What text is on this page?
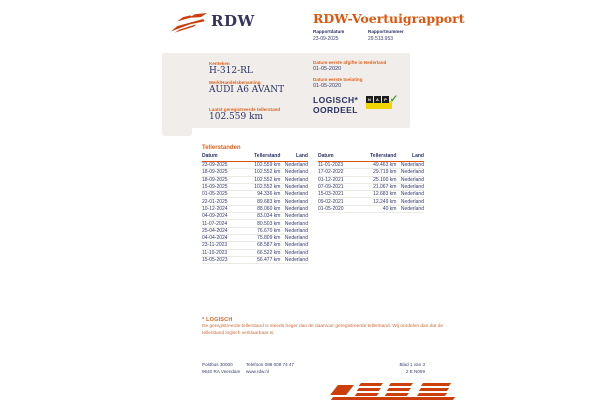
RDW	RDW-Voertuigrapport
Rapportdatum
23-09-2025
Rapportnummer
29.513.953
Kenteken
H-312-RL
Merk/Handelsbenaming
AUDI A6 AVANT
Laatst geregistreerde tellerstand
102.559 km
Datum eerste afgifte in Nederland
01-05-2020
Datum eerste toelating
01-05-2020
LOGISCH*
OORDEEL
N	A	P ✓
Tellerstanden
Datum	Tellerstand	Land
23-09-2025	102.559 km Nederland
18-09-2025	102.552 km Nederland
18-09-2025	102.552 km Nederland
15-09-2025	102.552 km Nederland
01-05-2025	94.336 km Nederland
22-01-2025	89.683 km Nederland
10-12-2024	88.060 km Nederland
04-09-2024	83.034 km Nederland
11-07-2024	80.503 km Nederland
25-04-2024	76.670 km Nederland
04-04-2024	75.809 km Nederland
23-11-2023	68.587 km Nederland
11-10-2023	66.522 km Nederland
15-05-2023	56.477 km Nederland
Datum	Tellerstand	Land
11-01-2023	49.463 km Nederland
17-02-2022	29.719 km Nederland
01-12-2021	25.100 km Nederland
07-09-2021	21.067 km Nederland
15-03-2021	12.683 km Nederland
09-02-2021	12.249 km Nederland
01-05-2020	40 km Nederland
* LOGISCH
De geregistreerde tellerstand is steeds hoger dan de daarvoor geregistreerde tellerstand. Wij oordelen dan dat de tellerstand logisch verklaarbaar is.
Postbus 30000
9640 RA Veendam
Telefoon 088 008 74 47
www.rdw.nl
Blad 1 van 3
2 E N059
